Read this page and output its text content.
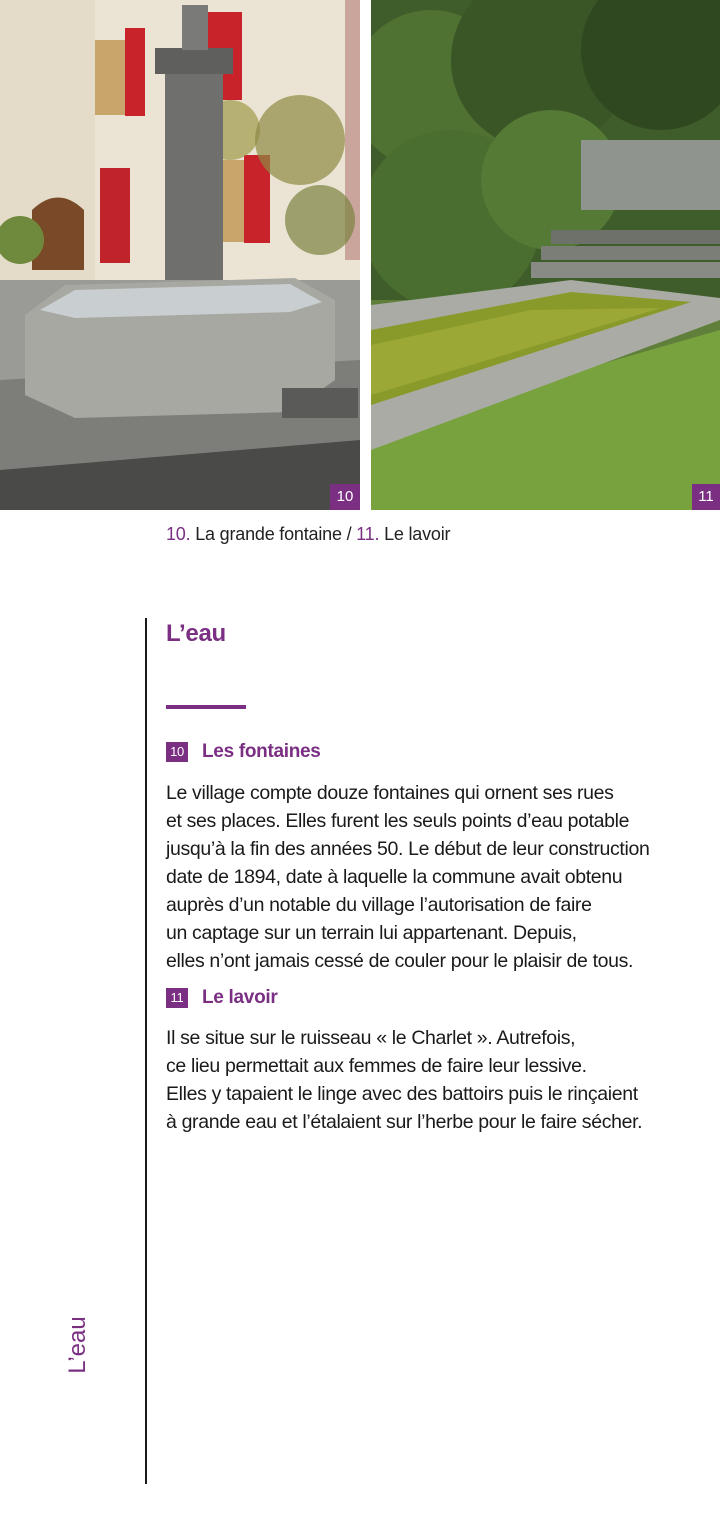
10	11
10. La grande fontaine / 11. Le lavoir
L’eau
L’eau
10 Les fontaines
Le village compte douze fontaines qui ornent ses rues
et ses places. Elles furent les seuls points d’eau potable
jusqu’à la fin des années 50. Le début de leur construction
date de 1894, date à laquelle la commune avait obtenu
auprès d’un notable du village l’autorisation de faire
un captage sur un terrain lui appartenant. Depuis,
elles n’ont jamais cessé de couler pour le plaisir de tous.
11 Le lavoir
Il se situe sur le ruisseau « le Charlet ». Autrefois,
ce lieu permettait aux femmes de faire leur lessive.
Elles y tapaient le linge avec des battoirs puis le rinçaient
à grande eau et l’étalaient sur l’herbe pour le faire sécher.
